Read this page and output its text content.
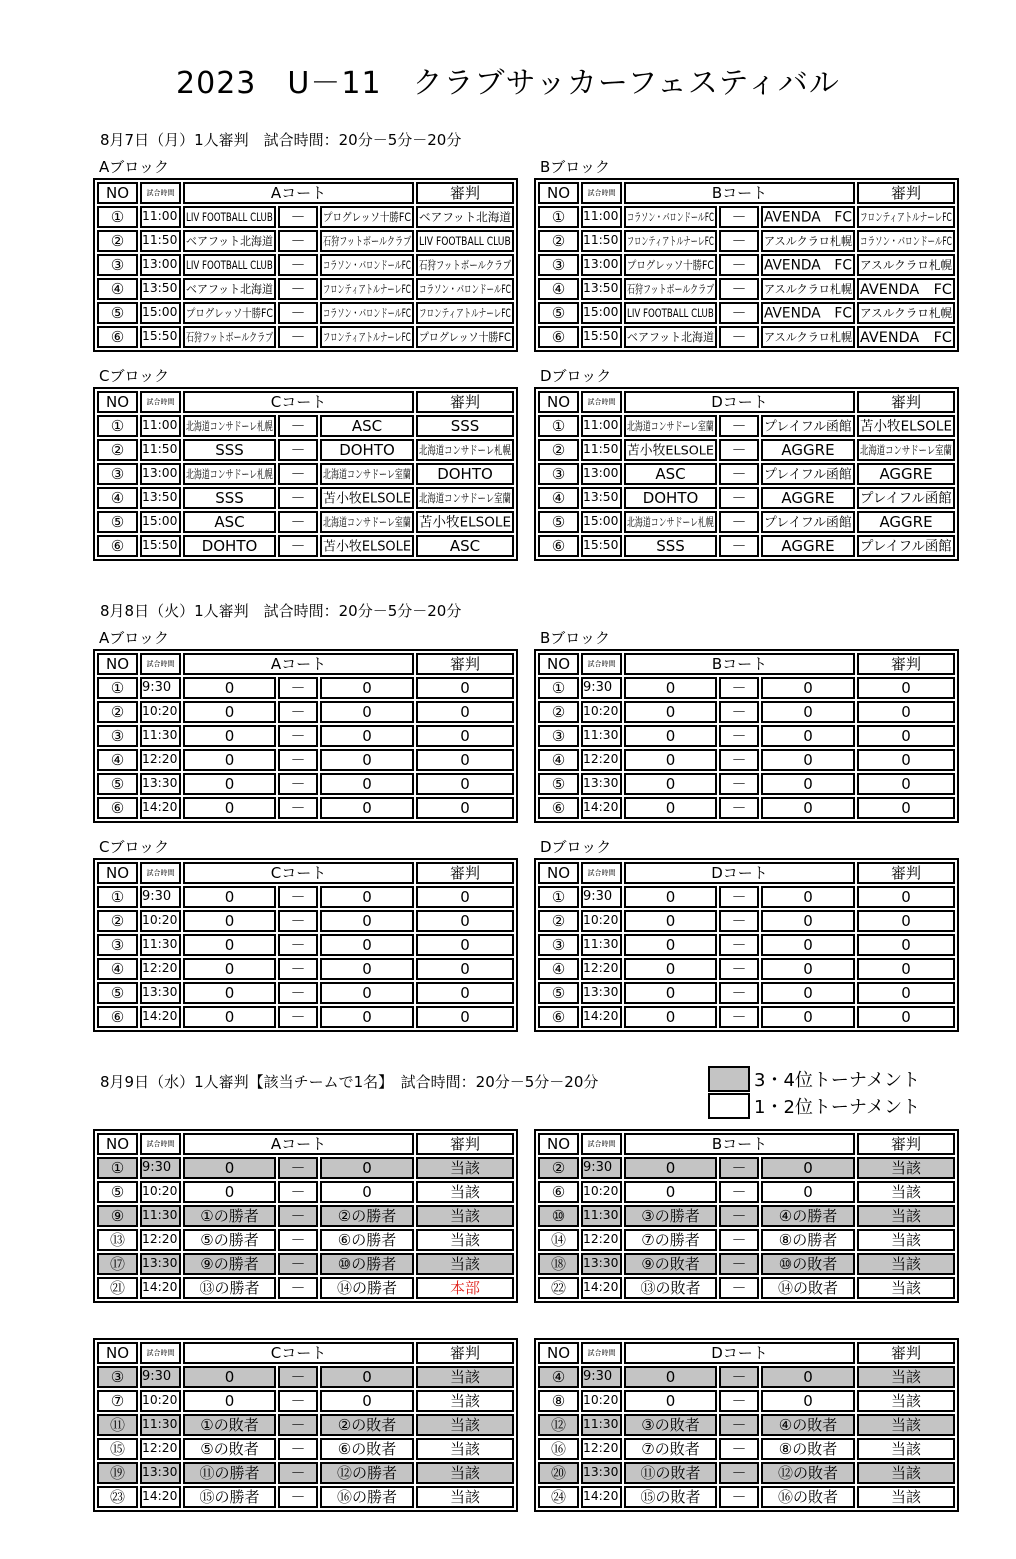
2023　U－11　クラブサッカーフェスティバル
8月7日（月）1人審判　試合時間：20分－5分－20分
8月8日（火）1人審判　試合時間：20分－5分－20分
8月9日（水）1人審判【該当チームで1名】　試合時間：20分－5分－20分	3・4位トーナメント
1・2位トーナメント
Aブロック
NO	試合時間	Aコート			審判
①	11:00	LIV FOOTBALL CLUB	－	プログレッソ十勝FC	ベアフット北海道
②	11:50	ベアフット北海道	－	石狩フットボールクラブ	LIV FOOTBALL CLUB
③	13:00	LIV FOOTBALL CLUB	－	コラソン・バロンドールFC	石狩フットボールクラブ
④	13:50	ベアフット北海道	－	フロンティアトルナーレFC	コラソン・バロンドールFC
⑤	15:00	プログレッソ十勝FC	－	コラソン・バロンドールFC	フロンティアトルナーレFC
⑥	15:50	石狩フットボールクラブ	－	フロンティアトルナーレFC	プログレッソ十勝FC
Bブロック
NO	試合時間	Bコート			審判
①	11:00	コラソン・バロンドールFC	－	AVENDA　FC	フロンティアトルナーレFC
②	11:50	フロンティアトルナーレFC	－	アスルクラロ札幌	コラソン・バロンドールFC
③	13:00	プログレッソ十勝FC	－	AVENDA　FC	アスルクラロ札幌
④	13:50	石狩フットボールクラブ	－	アスルクラロ札幌	AVENDA　FC
⑤	15:00	LIV FOOTBALL CLUB	－	AVENDA　FC	アスルクラロ札幌
⑥	15:50	ベアフット北海道	－	アスルクラロ札幌	AVENDA　FC
Cブロック
NO	試合時間	Cコート			審判
①	11:00	北海道コンサドーレ札幌	－	ASC	SSS
②	11:50	SSS	－	DOHTO	北海道コンサドーレ札幌
③	13:00	北海道コンサドーレ札幌	－	北海道コンサドーレ室蘭	DOHTO
④	13:50	SSS	－	苫小牧ELSOLE	北海道コンサドーレ室蘭
⑤	15:00	ASC	－	北海道コンサドーレ室蘭	苫小牧ELSOLE
⑥	15:50	DOHTO	－	苫小牧ELSOLE	ASC
Dブロック
NO	試合時間	Dコート			審判
①	11:00	北海道コンサドーレ室蘭	－	プレイフル函館	苫小牧ELSOLE
②	11:50	苫小牧ELSOLE	－	AGGRE	北海道コンサドーレ室蘭
③	13:00	ASC	－	プレイフル函館	AGGRE
④	13:50	DOHTO	－	AGGRE	プレイフル函館
⑤	15:00	北海道コンサドーレ札幌	－	プレイフル函館	AGGRE
⑥	15:50	SSS	－	AGGRE	プレイフル函館
Aブロック
NO	試合時間	Aコート			審判
①	9:30	0	－	0	0
②	10:20	0	－	0	0
③	11:30	0	－	0	0
④	12:20	0	－	0	0
⑤	13:30	0	－	0	0
⑥	14:20	0	－	0	0
Bブロック
NO	試合時間	Bコート			審判
①	9:30	0	－	0	0
②	10:20	0	－	0	0
③	11:30	0	－	0	0
④	12:20	0	－	0	0
⑤	13:30	0	－	0	0
⑥	14:20	0	－	0	0
Cブロック
NO	試合時間	Cコート			審判
①	9:30	0	－	0	0
②	10:20	0	－	0	0
③	11:30	0	－	0	0
④	12:20	0	－	0	0
⑤	13:30	0	－	0	0
⑥	14:20	0	－	0	0
Dブロック
NO	試合時間	Dコート			審判
①	9:30	0	－	0	0
②	10:20	0	－	0	0
③	11:30	0	－	0	0
④	12:20	0	－	0	0
⑤	13:30	0	－	0	0
⑥	14:20	0	－	0	0
NO	試合時間	Aコート			審判
①	9:30	0	－	0	当該
⑤	10:20	0	－	0	当該
⑨	11:30	①の勝者	－	②の勝者	当該
⑬	12:20	⑤の勝者	－	⑥の勝者	当該
⑰	13:30	⑨の勝者	－	⑩の勝者	当該
㉑	14:20	⑬の勝者	－	⑭の勝者	本部
NO	試合時間	Bコート			審判
②	9:30	0	－	0	当該
⑥	10:20	0	－	0	当該
⑩	11:30	③の勝者	－	④の勝者	当該
⑭	12:20	⑦の勝者	－	⑧の勝者	当該
⑱	13:30	⑨の敗者	－	⑩の敗者	当該
㉒	14:20	⑬の敗者	－	⑭の敗者	当該
NO	試合時間	Cコート			審判
③	9:30	0	－	0	当該
⑦	10:20	0	－	0	当該
⑪	11:30	①の敗者	－	②の敗者	当該
⑮	12:20	⑤の敗者	－	⑥の敗者	当該
⑲	13:30	⑪の勝者	－	⑫の勝者	当該
㉓	14:20	⑮の勝者	－	⑯の勝者	当該
NO	試合時間	Dコート			審判
④	9:30	0	－	0	当該
⑧	10:20	0	－	0	当該
⑫	11:30	③の敗者	－	④の敗者	当該
⑯	12:20	⑦の敗者	－	⑧の敗者	当該
⑳	13:30	⑪の敗者	－	⑫の敗者	当該
㉔	14:20	⑮の敗者	－	⑯の敗者	当該
